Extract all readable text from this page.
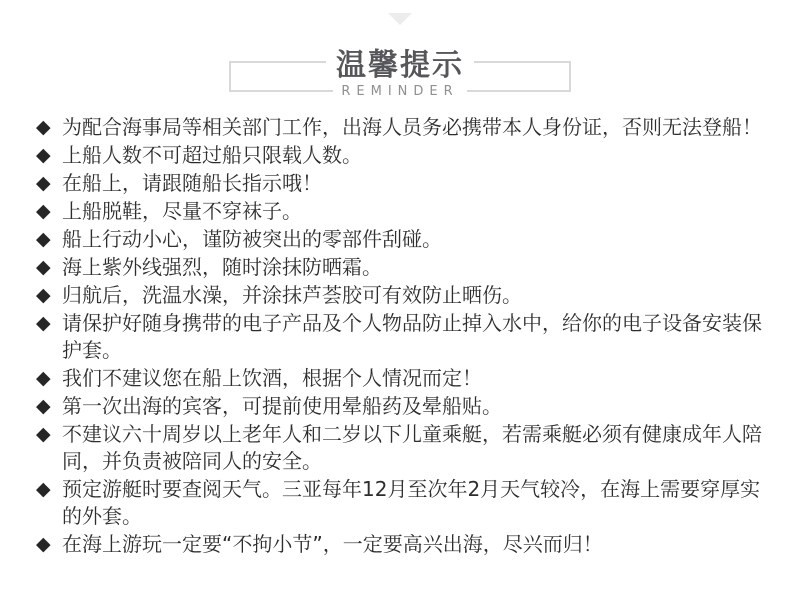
温馨提示
REMINDER
◆ 为配合海事局等相关部门工作，出海人员务必携带本人身份证，否则无法登船！
◆ 上船人数不可超过船只限载人数。
◆ 在船上，请跟随船长指示哦！
◆ 上船脱鞋，尽量不穿袜子。
◆ 船上行动小心，谨防被突出的零部件刮碰。
◆ 海上紫外线强烈，随时涂抹防晒霜。
◆ 归航后，洗温水澡，并涂抹芦荟胶可有效防止晒伤。
◆ 请保护好随身携带的电子产品及个人物品防止掉入水中，给你的电子设备安装保护套。
◆ 我们不建议您在船上饮酒，根据个人情况而定！
◆ 第一次出海的宾客，可提前使用晕船药及晕船贴。
◆ 不建议六十周岁以上老年人和二岁以下儿童乘艇，若需乘艇必须有健康成年人陪同，并负责被陪同人的安全。
◆ 预定游艇时要查阅天气。三亚每年12月至次年2月天气较冷，在海上需要穿厚实的外套。
◆ 在海上游玩一定要“不拘小节”，一定要高兴出海，尽兴而归！
